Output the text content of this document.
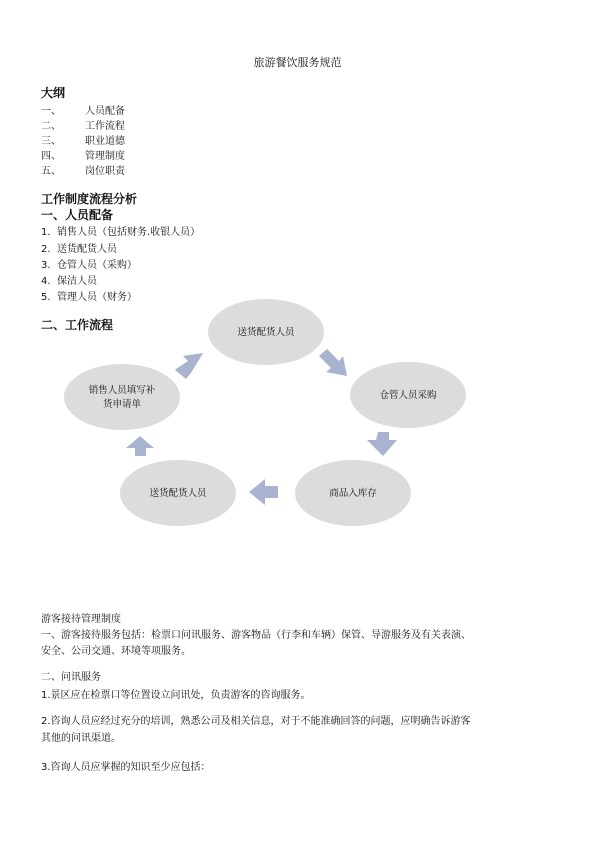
旅游餐饮服务规范
大纲
一、 人员配备
二、 工作流程
三、 职业道德
四、 管理制度
五、 岗位职责
工作制度流程分析
一、人员配备
1. 销售人员（包括财务.收银人员）
2. 送货配货人员
3. 仓管人员（采购）
4. 保洁人员
5. 管理人员（财务）
二、工作流程
送货配货人员
仓管人员采购
商品入库存
送货配货人员
销售人员填写补
货申请单
游客接待管理制度
一、游客接待服务包括：检票口问讯服务、游客物品（行李和车辆）保管、导游服务及有关表演、
安全、公司交通、环境等项服务。
二、问讯服务
1.景区应在检票口等位置设立问讯处，负责游客的咨询服务。
2.咨询人员应经过充分的培训，熟悉公司及相关信息，对于不能准确回答的问题，应明确告诉游客
其他的问讯渠道。
3.咨询人员应掌握的知识至少应包括：
